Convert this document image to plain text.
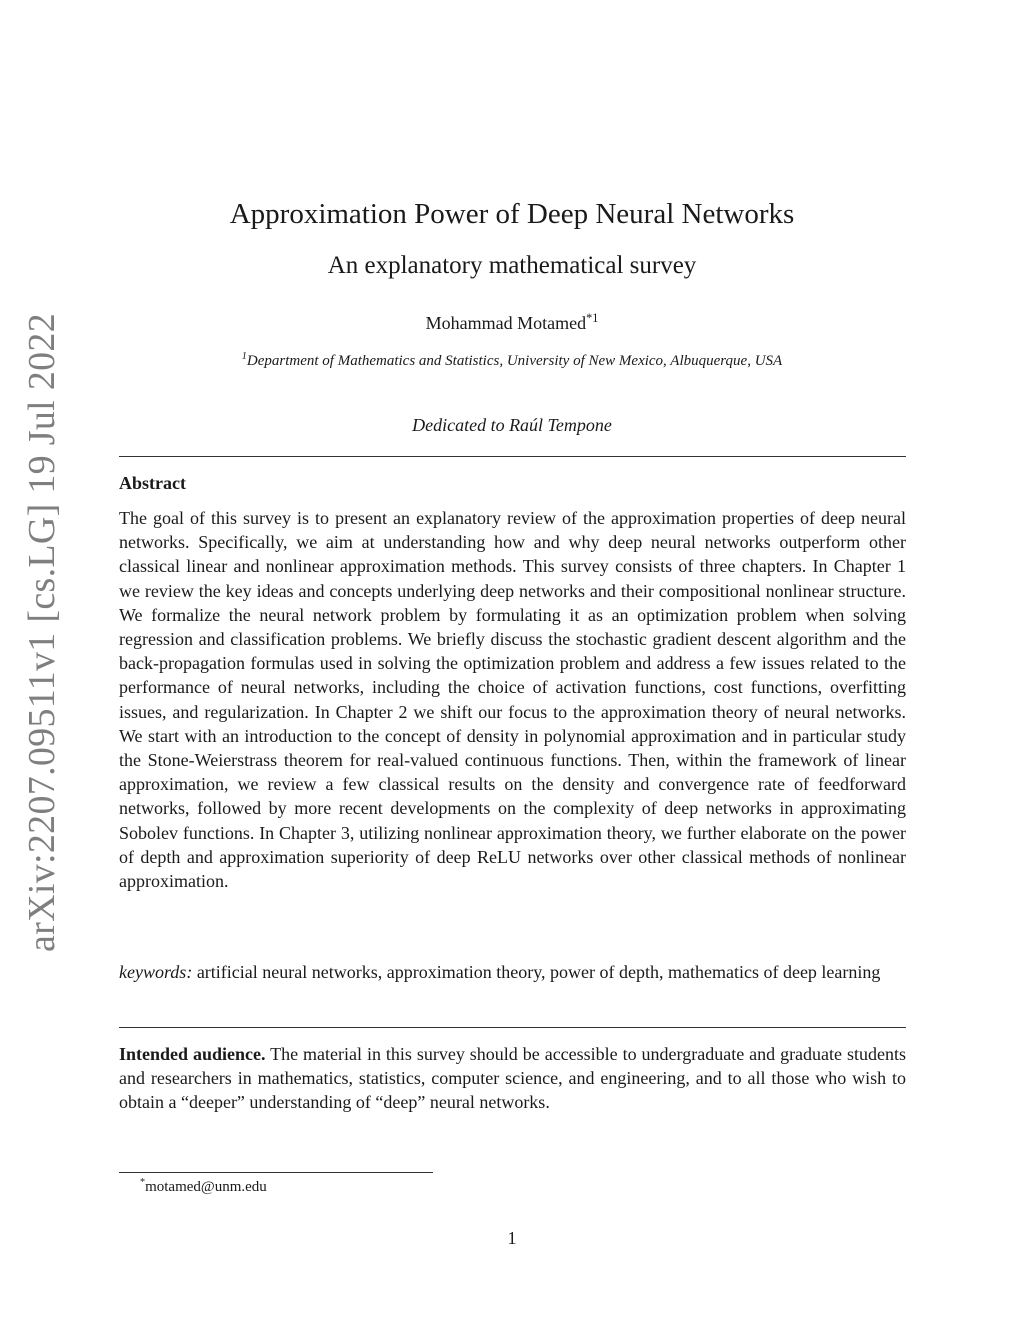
arXiv:2207.09511v1 [cs.LG] 19 Jul 2022
Approximation Power of Deep Neural Networks
An explanatory mathematical survey
Mohammad Motamed$^{*1}$
$^1$Department of Mathematics and Statistics, University of New Mexico, Albuquerque, USA
Dedicated to Raúl Tempone
Abstract
The goal of this survey is to present an explanatory review of the approximation properties of deep neural networks. Specifically, we aim at understanding how and why deep neural networks outperform other classical linear and nonlinear approximation methods. This survey consists of three chapters. In Chapter 1 we review the key ideas and concepts underlying deep networks and their compositional nonlinear structure. We formalize the neural network problem by formulating it as an optimization problem when solving regression and classification problems. We briefly discuss the stochastic gradient descent algorithm and the back-propagation formulas used in solving the optimization problem and address a few issues related to the performance of neural networks, including the choice of activation functions, cost functions, overfitting issues, and regularization. In Chapter 2 we shift our focus to the approximation theory of neural networks. We start with an introduction to the concept of density in polynomial approximation and in particular study the Stone-Weierstrass theorem for real-valued continuous functions. Then, within the framework of linear approximation, we review a few classical results on the density and convergence rate of feedforward networks, followed by more recent developments on the complexity of deep networks in approximating Sobolev functions. In Chapter 3, utilizing nonlinear approximation theory, we further elaborate on the power of depth and approximation superiority of deep ReLU networks over other classical methods of nonlinear approximation.
keywords: artificial neural networks, approximation theory, power of depth, mathematics of deep learning
Intended audience. The material in this survey should be accessible to undergraduate and graduate students and researchers in mathematics, statistics, computer science, and engineering, and to all those who wish to obtain a “deeper” understanding of “deep” neural networks.
*motamed@unm.edu
1
